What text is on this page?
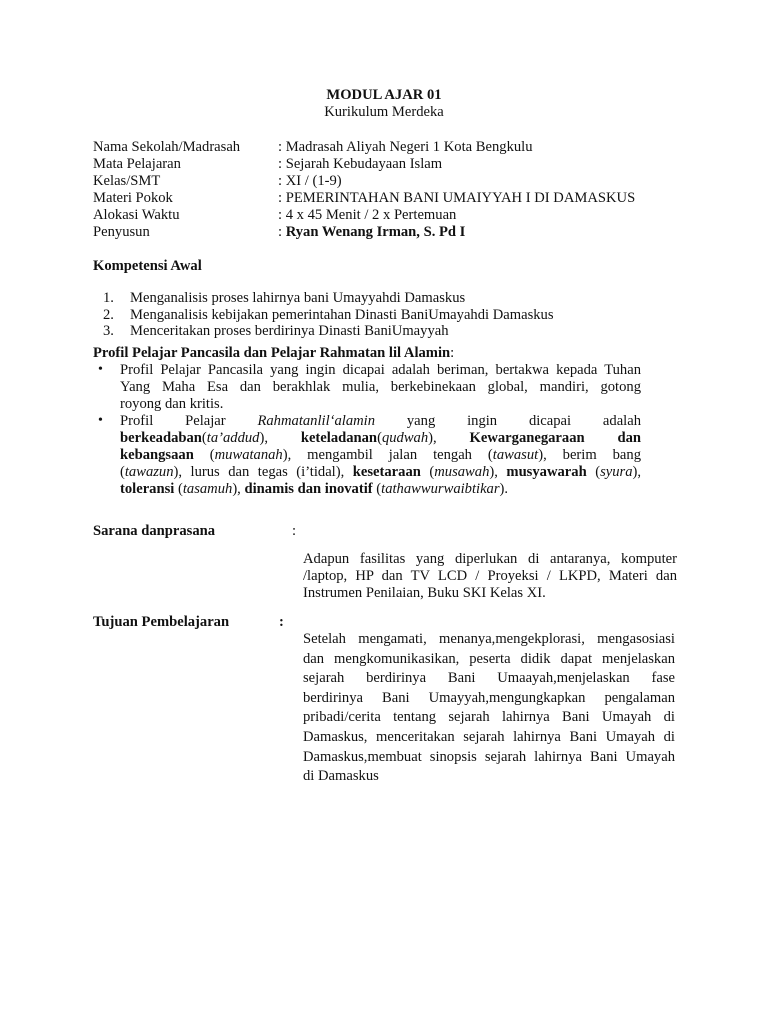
MODUL AJAR 01
Kurikulum Merdeka
Nama Sekolah/Madrasah	: Madrasah Aliyah Negeri 1 Kota Bengkulu
Mata Pelajaran	: Sejarah Kebudayaan Islam
Kelas/SMT	: XI / (1-9)
Materi Pokok	: PEMERINTAHAN BANI UMAIYYAH I DI DAMASKUS
Alokasi Waktu	: 4 x 45 Menit / 2 x Pertemuan
Penyusun	: Ryan Wenang Irman, S. Pd I
Kompetensi Awal
1. Menganalisis proses lahirnya bani Umayyahdi Damaskus
2. Menganalisis kebijakan pemerintahan Dinasti BaniUmayahdi Damaskus
3. Menceritakan proses berdirinya Dinasti BaniUmayyah
Profil Pelajar Pancasila dan Pelajar Rahmatan lil Alamin:
• Profil Pelajar Pancasila yang ingin dicapai adalah beriman, bertakwa kepada Tuhan
Yang Maha Esa dan berakhlak mulia, berkebinekaan global, mandiri, gotong
royong dan kritis.
• Profil Pelajar Rahmatanlil‘alamin yang ingin dicapai adalah
berkeadaban(ta’addud), keteladanan(qudwah), Kewarganegaraan dan
kebangsaan (muwatanah), mengambil jalan tengah (tawasut), berim bang
(tawazun), lurus dan tegas (i’tidal), kesetaraan (musawah), musyawarah (syura),
toleransi (tasamuh), dinamis dan inovatif (tathawwurwaibtikar).
Sarana danprasana	:
Adapun fasilitas yang diperlukan di antaranya, komputer
/laptop, HP dan TV LCD / Proyeksi / LKPD, Materi dan
Instrumen Penilaian, Buku SKI Kelas XI.
Tujuan Pembelajaran	:
Setelah mengamati, menanya,mengekplorasi, mengasosiasi
dan mengkomunikasikan, peserta didik dapat menjelaskan
sejarah berdirinya Bani Umaayah,menjelaskan fase
berdirinya Bani Umayyah,mengungkapkan pengalaman
pribadi/cerita tentang sejarah lahirnya Bani Umayah di
Damaskus, menceritakan sejarah lahirnya Bani Umayah di
Damaskus,membuat sinopsis sejarah lahirnya Bani Umayah
di Damaskus
